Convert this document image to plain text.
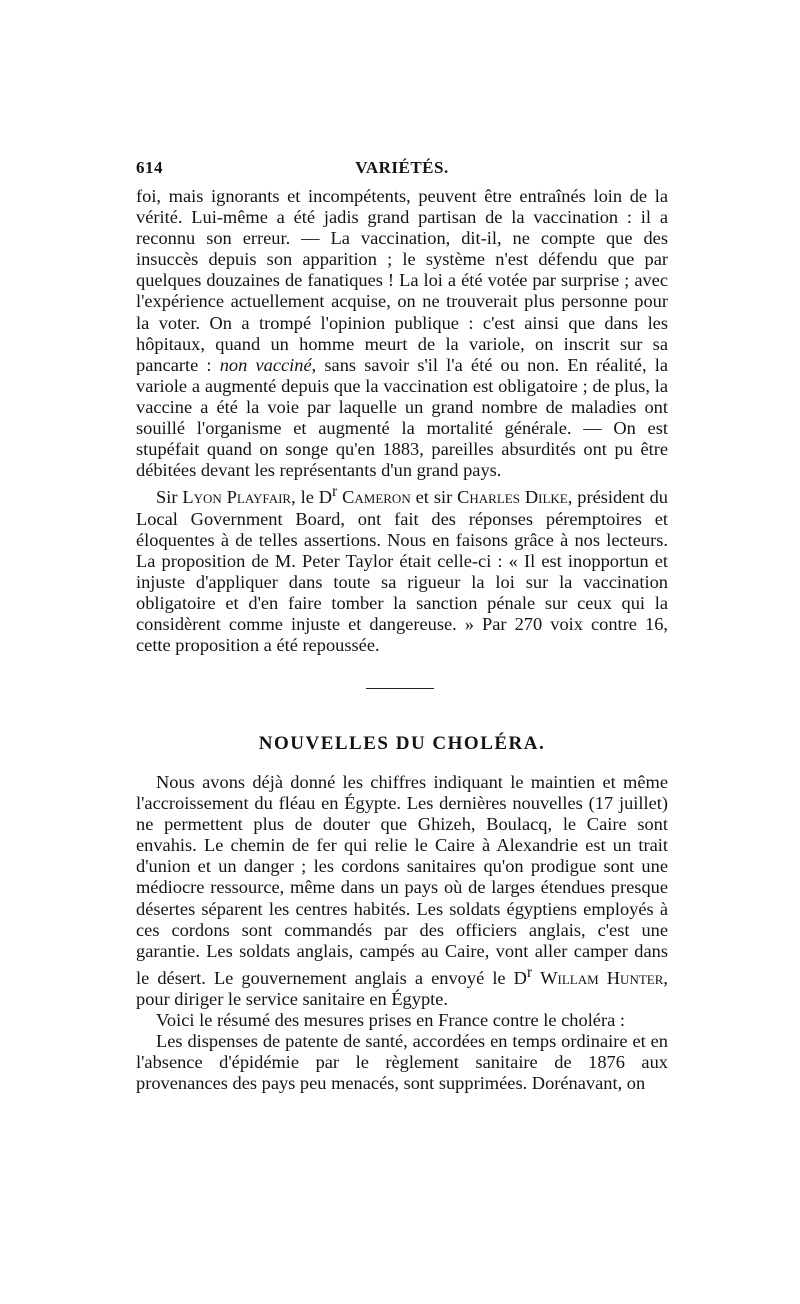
614	VARIÉTÉS.

foi, mais ignorants et incompétents, peuvent être entraînés loin de la vérité. Lui-même a été jadis grand partisan de la vaccination : il a reconnu son erreur. — La vaccination, dit-il, ne compte que des insuccès depuis son apparition ; le système n'est défendu que par quelques douzaines de fanatiques ! La loi a été votée par surprise ; avec l'expérience actuellement acquise, on ne trouverait plus personne pour la voter. On a trompé l'opinion publique : c'est ainsi que dans les hôpitaux, quand un homme meurt de la variole, on inscrit sur sa pancarte : non vacciné, sans savoir s'il l'a été ou non. En réalité, la variole a augmenté depuis que la vaccination est obligatoire ; de plus, la vaccine a été la voie par laquelle un grand nombre de maladies ont souillé l'organisme et augmenté la mortalité générale. — On est stupéfait quand on songe qu'en 1883, pareilles absurdités ont pu être débitées devant les représentants d'un grand pays.

Sir Lyon Playfair, le $D^r$ Cameron et sir Charles Dilke, président du Local Government Board, ont fait des réponses péremptoires et éloquentes à de telles assertions. Nous en faisons grâce à nos lecteurs. La proposition de M. Peter Taylor était celle-ci : « Il est inopportun et injuste d'appliquer dans toute sa rigueur la loi sur la vaccination obligatoire et d'en faire tomber la sanction pénale sur ceux qui la considèrent comme injuste et dangereuse. » Par 270 voix contre 16, cette proposition a été repoussée.

NOUVELLES DU CHOLÉRA.

Nous avons déjà donné les chiffres indiquant le maintien et même l'accroissement du fléau en Égypte. Les dernières nouvelles (17 juillet) ne permettent plus de douter que Ghizeh, Boulacq, le Caire sont envahis. Le chemin de fer qui relie le Caire à Alexandrie est un trait d'union et un danger ; les cordons sanitaires qu'on prodigue sont une médiocre ressource, même dans un pays où de larges étendues presque désertes séparent les centres habités. Les soldats égyptiens employés à ces cordons sont commandés par des officiers anglais, c'est une garantie. Les soldats anglais, campés au Caire, vont aller camper dans le désert. Le gouvernement anglais a envoyé le $D^r$ Willam Hunter, pour diriger le service sanitaire en Égypte.

Voici le résumé des mesures prises en France contre le choléra :

Les dispenses de patente de santé, accordées en temps ordinaire et en l'absence d'épidémie par le règlement sanitaire de 1876 aux provenances des pays peu menacés, sont supprimées. Dorénavant, on
